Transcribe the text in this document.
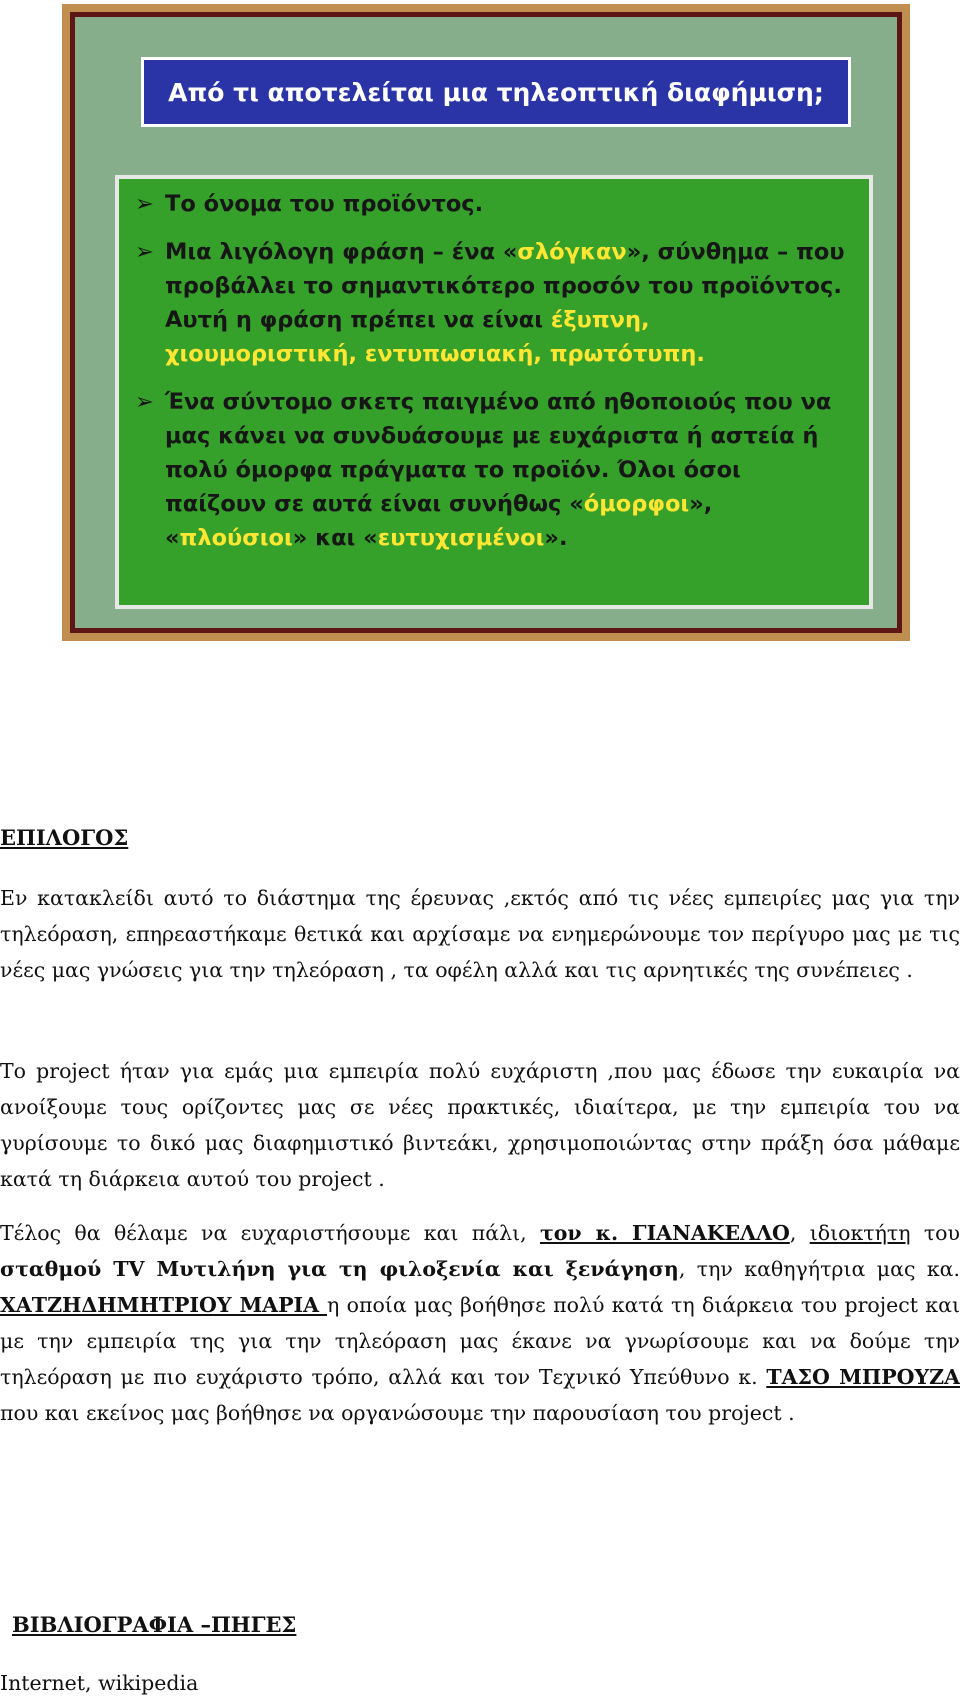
Από τι αποτελείται μια τηλεοπτική διαφήμιση;
➢ Το όνομα του προϊόντος.
➢ Μια λιγόλογη φράση – ένα «σλόγκαν», σύνθημα – που προβάλλει το σημαντικότερο προσόν του προϊόντος. Αυτή η φράση πρέπει να είναι έξυπνη, χιουμοριστική, εντυπωσιακή, πρωτότυπη.
➢ Ένα σύντομο σκετς παιγμένο από ηθοποιούς που να μας κάνει να συνδυάσουμε με ευχάριστα ή αστεία ή πολύ όμορφα πράγματα το προϊόν. Όλοι όσοι παίζουν σε αυτά είναι συνήθως «όμορφοι», «πλούσιοι» και «ευτυχισμένοι».
ΕΠΙΛΟΓΟΣ

Εν κατακλείδι αυτό το διάστημα της έρευνας ,εκτός από τις νέες εμπειρίες μας για την τηλεόραση, επηρεαστήκαμε θετικά και αρχίσαμε να ενημερώνουμε τον περίγυρο μας με τις νέες μας γνώσεις για την τηλεόραση , τα οφέλη αλλά και τις αρνητικές της συνέπειες .

Το project ήταν για εμάς μια εμπειρία πολύ ευχάριστη ,που μας έδωσε την ευκαιρία να ανοίξουμε τους ορίζοντες μας σε νέες πρακτικές, ιδιαίτερα, με την εμπειρία του να γυρίσουμε το δικό μας διαφημιστικό βιντεάκι, χρησιμοποιώντας στην πράξη όσα μάθαμε κατά τη διάρκεια αυτού του project .

Τέλος θα θέλαμε να ευχαριστήσουμε και πάλι, τον κ. ΓΙΑΝΑΚΕΛΛΟ, ιδιοκτήτη του σταθμού TV Μυτιλήνη για τη φιλοξενία και ξενάγηση, την καθηγήτρια μας κα. ΧΑΤΖΗΔΗΜΗΤΡΙΟΥ ΜΑΡΙΑ η οποία μας βοήθησε πολύ κατά τη διάρκεια του project και με την εμπειρία της για την τηλεόραση μας έκανε να γνωρίσουμε και να δούμε την τηλεόραση με πιο ευχάριστο τρόπο, αλλά και τον Τεχνικό Υπεύθυνο κ. ΤΑΣΟ ΜΠΡΟΥΖΑ που και εκείνος μας βοήθησε να οργανώσουμε την παρουσίαση του project .

ΒΙΒΛΙΟΓΡΑΦΙΑ –ΠΗΓΕΣ
Internet, wikipedia
